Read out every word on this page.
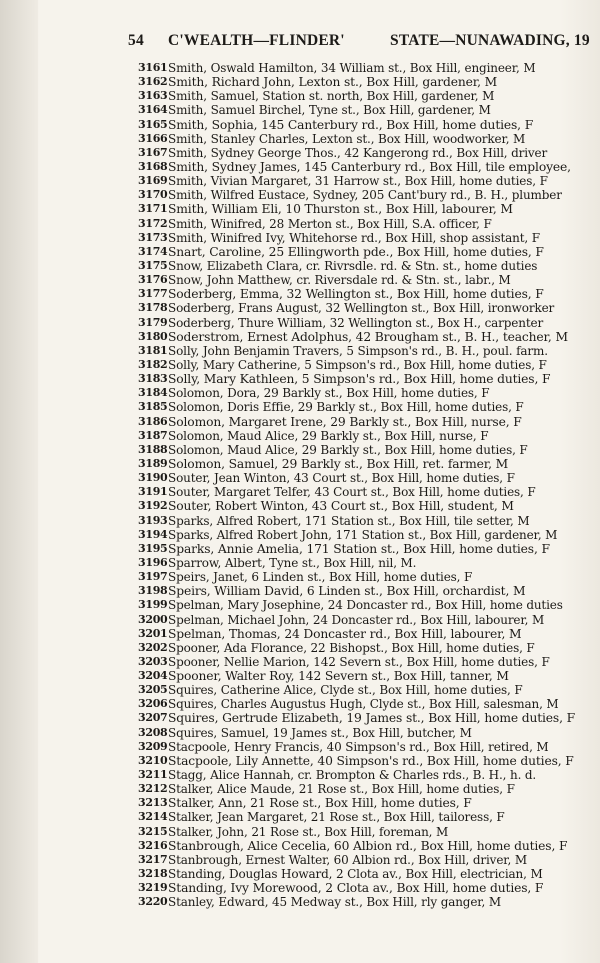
54 C'WEALTH—FLINDER'	STATE—NUNAWADING, 19
3161 Smith, Oswald Hamilton, 34 William st., Box Hill, engineer, M
3162 Smith, Richard John, Lexton st., Box Hill, gardener, M
3163 Smith, Samuel, Station st. north, Box Hill, gardener, M
3164 Smith, Samuel Birchel, Tyne st., Box Hill, gardener, M
3165 Smith, Sophia, 145 Canterbury rd., Box Hill, home duties, F
3166 Smith, Stanley Charles, Lexton st., Box Hill, woodworker, M
3167 Smith, Sydney George Thos., 42 Kangerong rd., Box Hill, driver
3168 Smith, Sydney James, 145 Canterbury rd., Box Hill, tile employee,
3169 Smith, Vivian Margaret, 31 Harrow st., Box Hill, home duties, F
3170 Smith, Wilfred Eustace, Sydney, 205 Cant'bury rd., B. H., plumber
3171 Smith, William Eli, 10 Thurston st., Box Hill, labourer, M
3172 Smith, Winifred, 28 Merton st., Box Hill, S.A. officer, F
3173 Smith, Winifred Ivy, Whitehorse rd., Box Hill, shop assistant, F
3174 Snart, Caroline, 25 Ellingworth pde., Box Hill, home duties, F
3175 Snow, Elizabeth Clara, cr. Rivrsdle. rd. & Stn. st., home duties
3176 Snow, John Matthew, cr. Riversdale rd. & Stn. st., labr., M
3177 Soderberg, Emma, 32 Wellington st., Box Hill, home duties, F
3178 Soderberg, Frans August, 32 Wellington st., Box Hill, ironworker
3179 Soderberg, Thure William, 32 Wellington st., Box H., carpenter
3180 Soderstrom, Ernest Adolphus, 42 Brougham st., B. H., teacher, M
3181 Solly, John Benjamin Travers, 5 Simpson's rd., B. H., poul. farm.
3182 Solly, Mary Catherine, 5 Simpson's rd., Box Hill, home duties, F
3183 Solly, Mary Kathleen, 5 Simpson's rd., Box Hill, home duties, F
3184 Solomon, Dora, 29 Barkly st., Box Hill, home duties, F
3185 Solomon, Doris Effie, 29 Barkly st., Box Hill, home duties, F
3186 Solomon, Margaret Irene, 29 Barkly st., Box Hill, nurse, F
3187 Solomon, Maud Alice, 29 Barkly st., Box Hill, nurse, F
3188 Solomon, Maud Alice, 29 Barkly st., Box Hill, home duties, F
3189 Solomon, Samuel, 29 Barkly st., Box Hill, ret. farmer, M
3190 Souter, Jean Winton, 43 Court st., Box Hill, home duties, F
3191 Souter, Margaret Telfer, 43 Court st., Box Hill, home duties, F
3192 Souter, Robert Winton, 43 Court st., Box Hill, student, M
3193 Sparks, Alfred Robert, 171 Station st., Box Hill, tile setter, M
3194 Sparks, Alfred Robert John, 171 Station st., Box Hill, gardener, M
3195 Sparks, Annie Amelia, 171 Station st., Box Hill, home duties, F
3196 Sparrow, Albert, Tyne st., Box Hill, nil, M.
3197 Speirs, Janet, 6 Linden st., Box Hill, home duties, F
3198 Speirs, William David, 6 Linden st., Box Hill, orchardist, M
3199 Spelman, Mary Josephine, 24 Doncaster rd., Box Hill, home duties
3200 Spelman, Michael John, 24 Doncaster rd., Box Hill, labourer, M
3201 Spelman, Thomas, 24 Doncaster rd., Box Hill, labourer, M
3202 Spooner, Ada Florance, 22 Bishopst., Box Hill, home duties, F
3203 Spooner, Nellie Marion, 142 Severn st., Box Hill, home duties, F
3204 Spooner, Walter Roy, 142 Severn st., Box Hill, tanner, M
3205 Squires, Catherine Alice, Clyde st., Box Hill, home duties, F
3206 Squires, Charles Augustus Hugh, Clyde st., Box Hill, salesman, M
3207 Squires, Gertrude Elizabeth, 19 James st., Box Hill, home duties, F
3208 Squires, Samuel, 19 James st., Box Hill, butcher, M
3209 Stacpoole, Henry Francis, 40 Simpson's rd., Box Hill, retired, M
3210 Stacpoole, Lily Annette, 40 Simpson's rd., Box Hill, home duties, F
3211 Stagg, Alice Hannah, cr. Brompton & Charles rds., B. H., h. d.
3212 Stalker, Alice Maude, 21 Rose st., Box Hill, home duties, F
3213 Stalker, Ann, 21 Rose st., Box Hill, home duties, F
3214 Stalker, Jean Margaret, 21 Rose st., Box Hill, tailoress, F
3215 Stalker, John, 21 Rose st., Box Hill, foreman, M
3216 Stanbrough, Alice Cecelia, 60 Albion rd., Box Hill, home duties, F
3217 Stanbrough, Ernest Walter, 60 Albion rd., Box Hill, driver, M
3218 Standing, Douglas Howard, 2 Clota av., Box Hill, electrician, M
3219 Standing, Ivy Morewood, 2 Clota av., Box Hill, home duties, F
3220 Stanley, Edward, 45 Medway st., Box Hill, rly ganger, M
